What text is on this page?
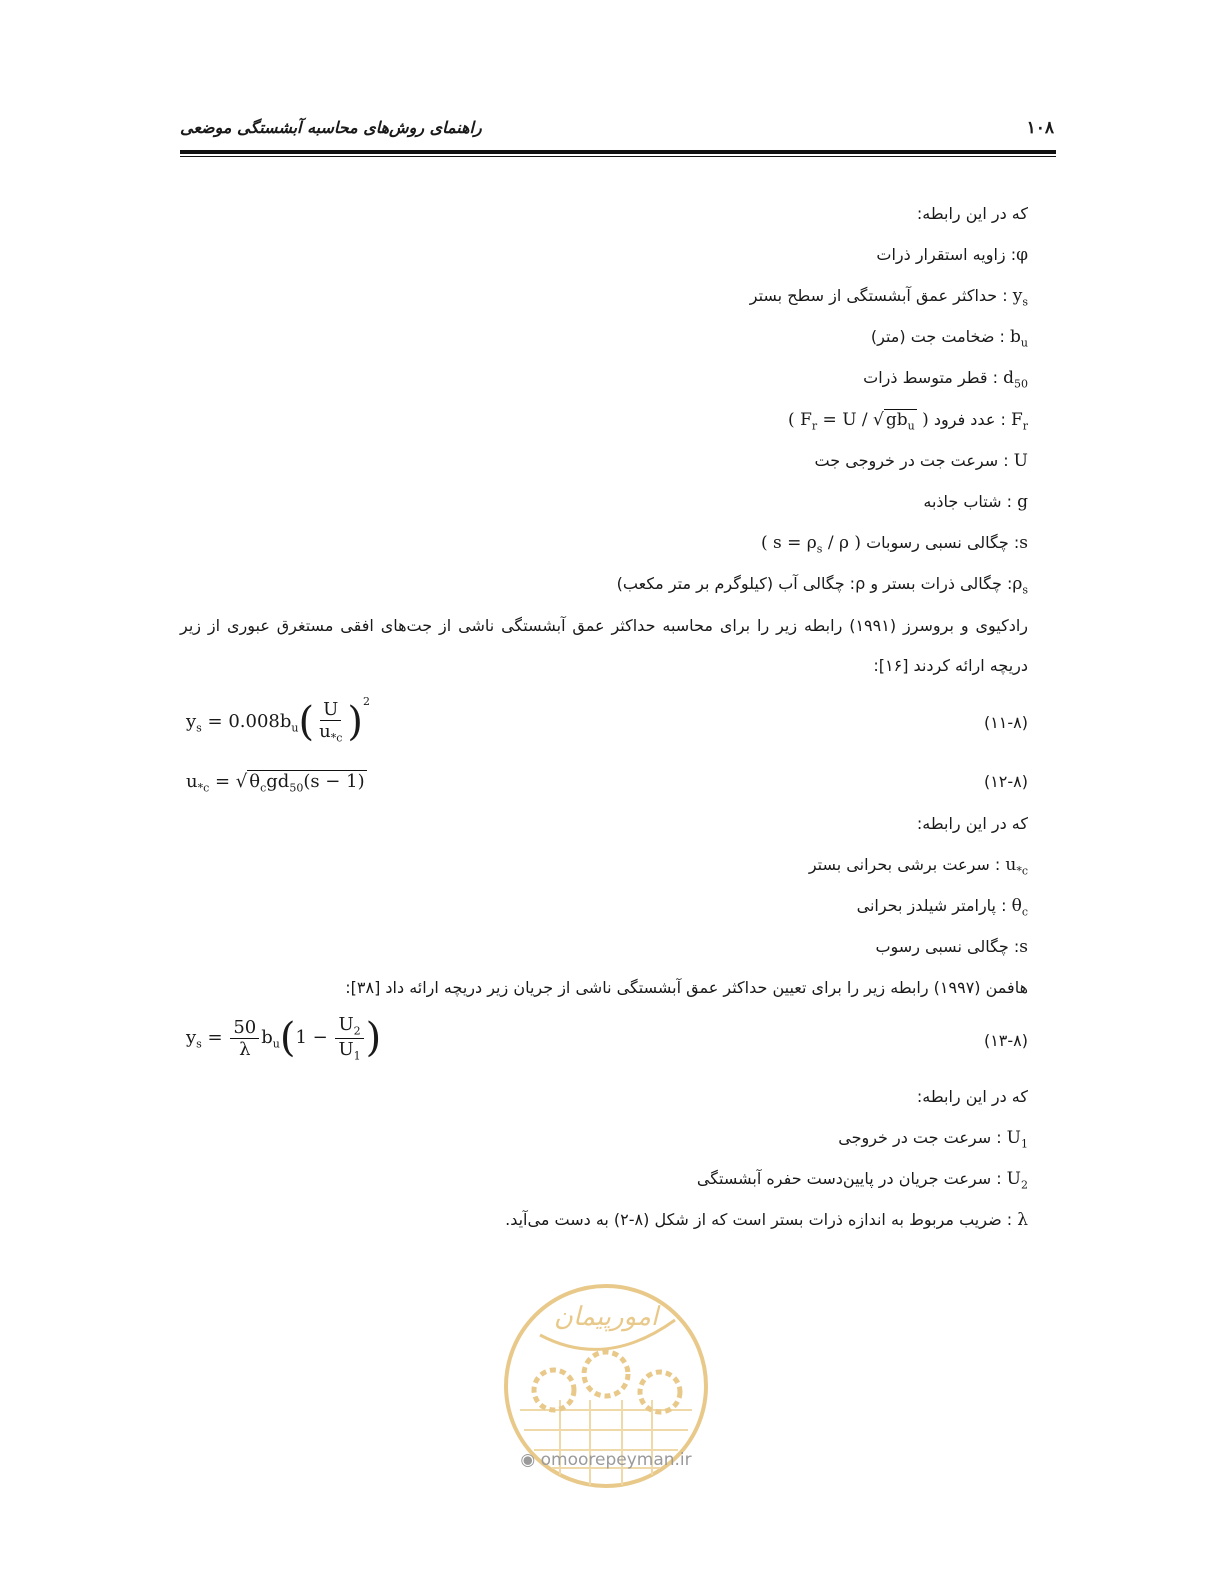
راهنمای روش‌های محاسبه آبشستگی موضعی	۱۰۸
که در این رابطه:
φ: زاویه استقرار ذرات
$y_s$ : حداکثر عمق آبشستگی از سطح بستر
$b_u$ : ضخامت جت (متر)
$d_{50}$ : قطر متوسط ذرات
$F_r$ : عدد فرود ( $F_r = U$ / √ $gb_u$ )
U : سرعت جت در خروجی جت
g : شتاب جاذبه
s: چگالی نسبی رسوبات ( $s = \rho_s / \rho$ )
$\rho_s$: چگالی ذرات بستر و ρ: چگالی آب (کیلوگرم بر متر مکعب)
رادکیوی و بروسرز (۱۹۹۱) رابطه زیر را برای محاسبه حداکثر عمق آبشستگی ناشی از جت‌های افقی مستغرق عبوری از زیر دریچه ارائه کردند [۱۶]:
$y_s = 0.008b_u( \frac{U}{u_{*c}} )^2$
(۱۱-۸)
$u_{*c}$ = √ $\theta_cgd_{50}(s - 1)$	(۱۲-۸)
که در این رابطه:
$u_{*c}$ : سرعت برشی بحرانی بستر
$\theta_c$ : پارامتر شیلدز بحرانی
s: چگالی نسبی رسوب
هافمن (۱۹۹۷) رابطه زیر را برای تعیین حداکثر عمق آبشستگی ناشی از جریان زیر دریچه ارائه داد [۳۸]:
$y_s = \frac{50}{\lambda} b_u(1 - \frac{U_2}{U_1}$ )	(۱۳-۸)
که در این رابطه:
$U_1$ : سرعت جت در خروجی
$U_2$ : سرعت جریان در پایین‌دست حفره آبشستگی
λ : ضریب مربوط به اندازه ذرات بستر است که از شکل (۸-۲) به دست می‌آید.
امورپیمان
◉ omoorepeyman.ir
